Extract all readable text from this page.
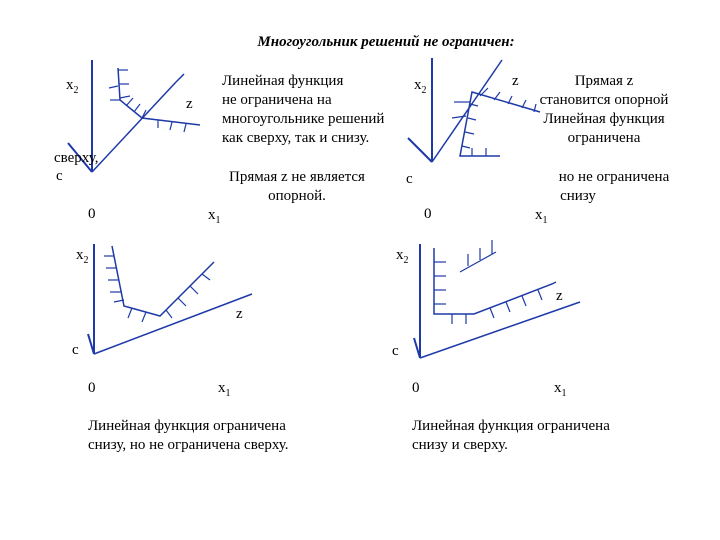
Многоугольник решений не ограничен:
$x_2$
z
сверху,
c
0	$x_1$
Линейная функция
не ограничена на
многоугольнике решений
как сверху, так и снизу.
Прямая z не является
опорной.
$x_2$
z
c
0	$x_1$
Прямая z
становится опорной
Линейная функция
ограничена
но не ограничена
снизу
$x_2$
z
c
0	$x_1$
Линейная функция ограничена
снизу, но не ограничена сверху.
$x_2$
z
c
0	$x_1$
Линейная функция ограничена
снизу и сверху.
